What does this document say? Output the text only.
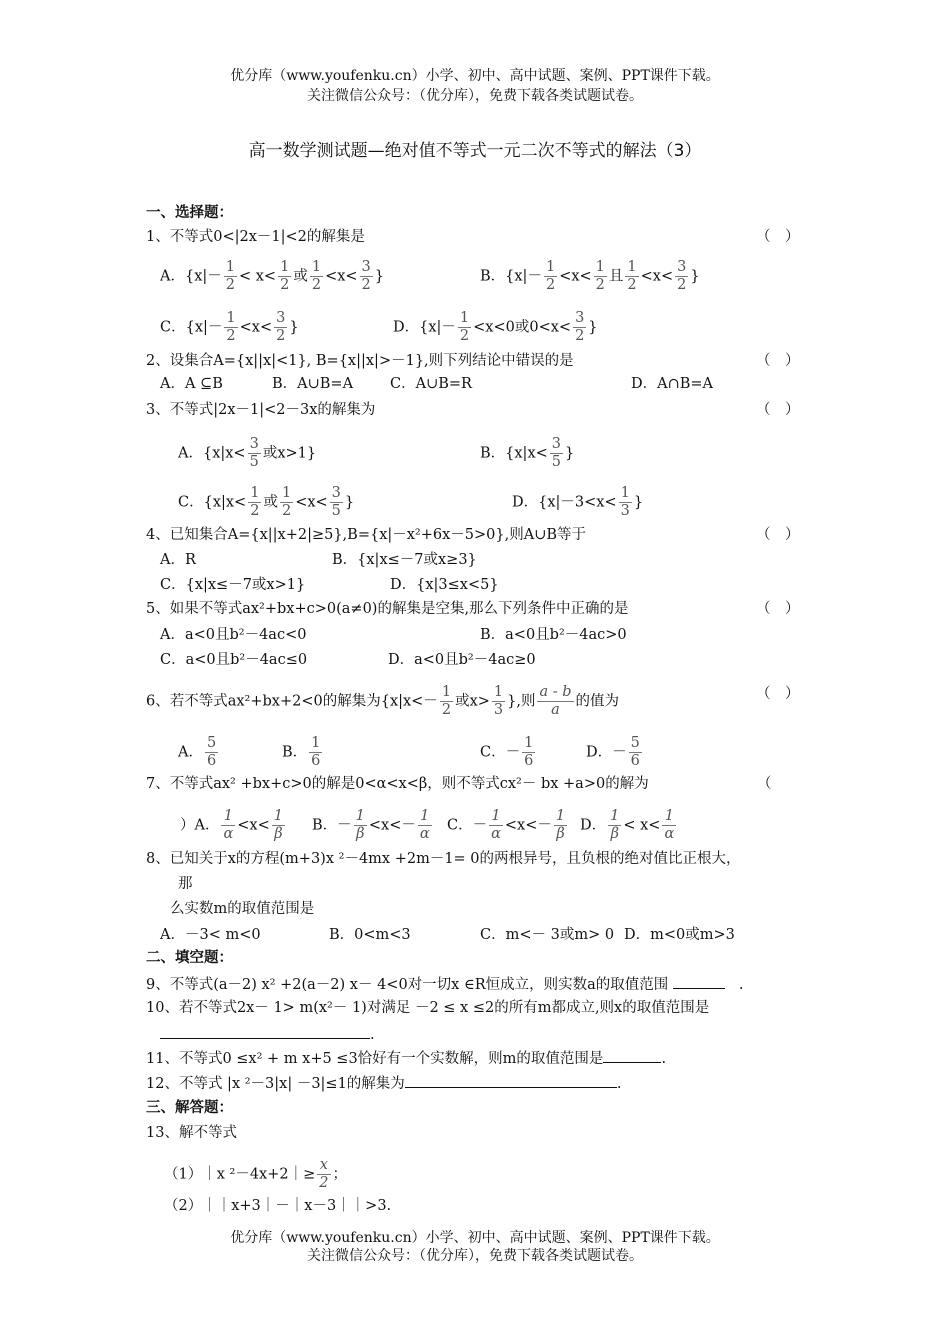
优分库（www.youfenku.cn）小学、初中、高中试题、案例、PPT课件下载。
关注微信公众号：（优分库），免费下载各类试题试卷。
高一数学测试题—绝对值不等式一元二次不等式的解法（3）
一、选择题：
1、不等式0<|2x－1|<2的解集是	（　）
A．{$x|- \frac{1}{2} < x< \frac{1}{2}$ 或 $\frac{1}{2} <x< \frac{3}{2}$ }	B．{$x|- \frac{1}{2} <x< \frac{1}{2}$ 且 $\frac{1}{2} <x< \frac{3}{2}$ }
C．{$x|- \frac{1}{2} <x< \frac{3}{2}$ }	D．{$x|- \frac{1}{2} <x<0$或$0<x< \frac{3}{2}$ }
2、设集合A={x||x|<1}, B={x||x|>－1},则下列结论中错误的是	（　）
A．A ⊆B	B．A∪B=A	C．A∪B=R	D．A∩B=A
3、不等式|2x－1|<2－3x的解集为	（　）
A．{$x|x< \frac{3}{5}$ 或x>1}	B．{$x|x< \frac{3}{5}$ }
C．{$x|x< \frac{1}{2}$ 或 $\frac{1}{2} <x< \frac{3}{5}$ }	D．{$x|-3<x< \frac{1}{3}$ }
4、已知集合A={x||x+2|≥5},B={x|－x²+6x－5>0},则A∪B等于	（　）
A．R	B．{x|x≤－7或x≥3}
C．{x|x≤－7或x>1}	D．{x|3≤x<5}
5、如果不等式ax²+bx+c>0(a≠0)的解集是空集,那么下列条件中正确的是	（　）
A．a<0且b²－4ac<0	B．a<0且b²－4ac>0
C．a<0且b²－4ac≤0	D．a<0且b²－4ac≥0
6、若不等式ax²+bx+2<0的解集为{$x|x<- \frac{1}{2}$ 或$x> \frac{1}{3}$ },则 $\frac{a - b}{a}$ 的值为	（　）
A． $\frac{5}{6}$	B． $\frac{1}{6}$	C．－ $\frac{1}{6}$	D．－ $\frac{5}{6}$
7、不等式ax² +bx+c>0的解是0<α<x<β，则不等式cx²－ bx +a>0的解为	（
）A． $\frac{1}{\alpha} <x< \frac{1}{\beta}$ B．－ $\frac{1}{\beta} <x<- \frac{1}{\alpha}$ C．－ $\frac{1}{\alpha} <x<- \frac{1}{\beta}$ D． $\frac{1}{\beta} < x< \frac{1}{\alpha}$
8、已知关于x的方程(m+3)x ²－4mx +2m－1= 0的两根异号，且负根的绝对值比正根大，
那
么实数m的取值范围是
A．－3< m<0	B．0<m<3	C．m<－ 3或m> 0 D．m<0或m>3
二、填空题：
9、不等式(a－2) x² +2(a－2) x－ 4<0对一切x ∈R恒成立，则实数a的取值范围	.
10、若不等式2x－ 1> m(x²－ 1)对满足 －2 ≤ x ≤2的所有m都成立,则x的取值范围是
.
11、不等式0 ≤x² + m x+5 ≤3恰好有一个实数解，则m的取值范围是	.
12、不等式 |x ²－3|x| －3|≤1的解集为	.
三、解答题：
13、解不等式
（1）｜x ²－4x+2｜≥ $\frac{x}{2}$ ；
（2）｜｜x+3｜－｜x－3｜｜>3.
优分库（www.youfenku.cn）小学、初中、高中试题、案例、PPT课件下载。
关注微信公众号：（优分库），免费下载各类试题试卷。
